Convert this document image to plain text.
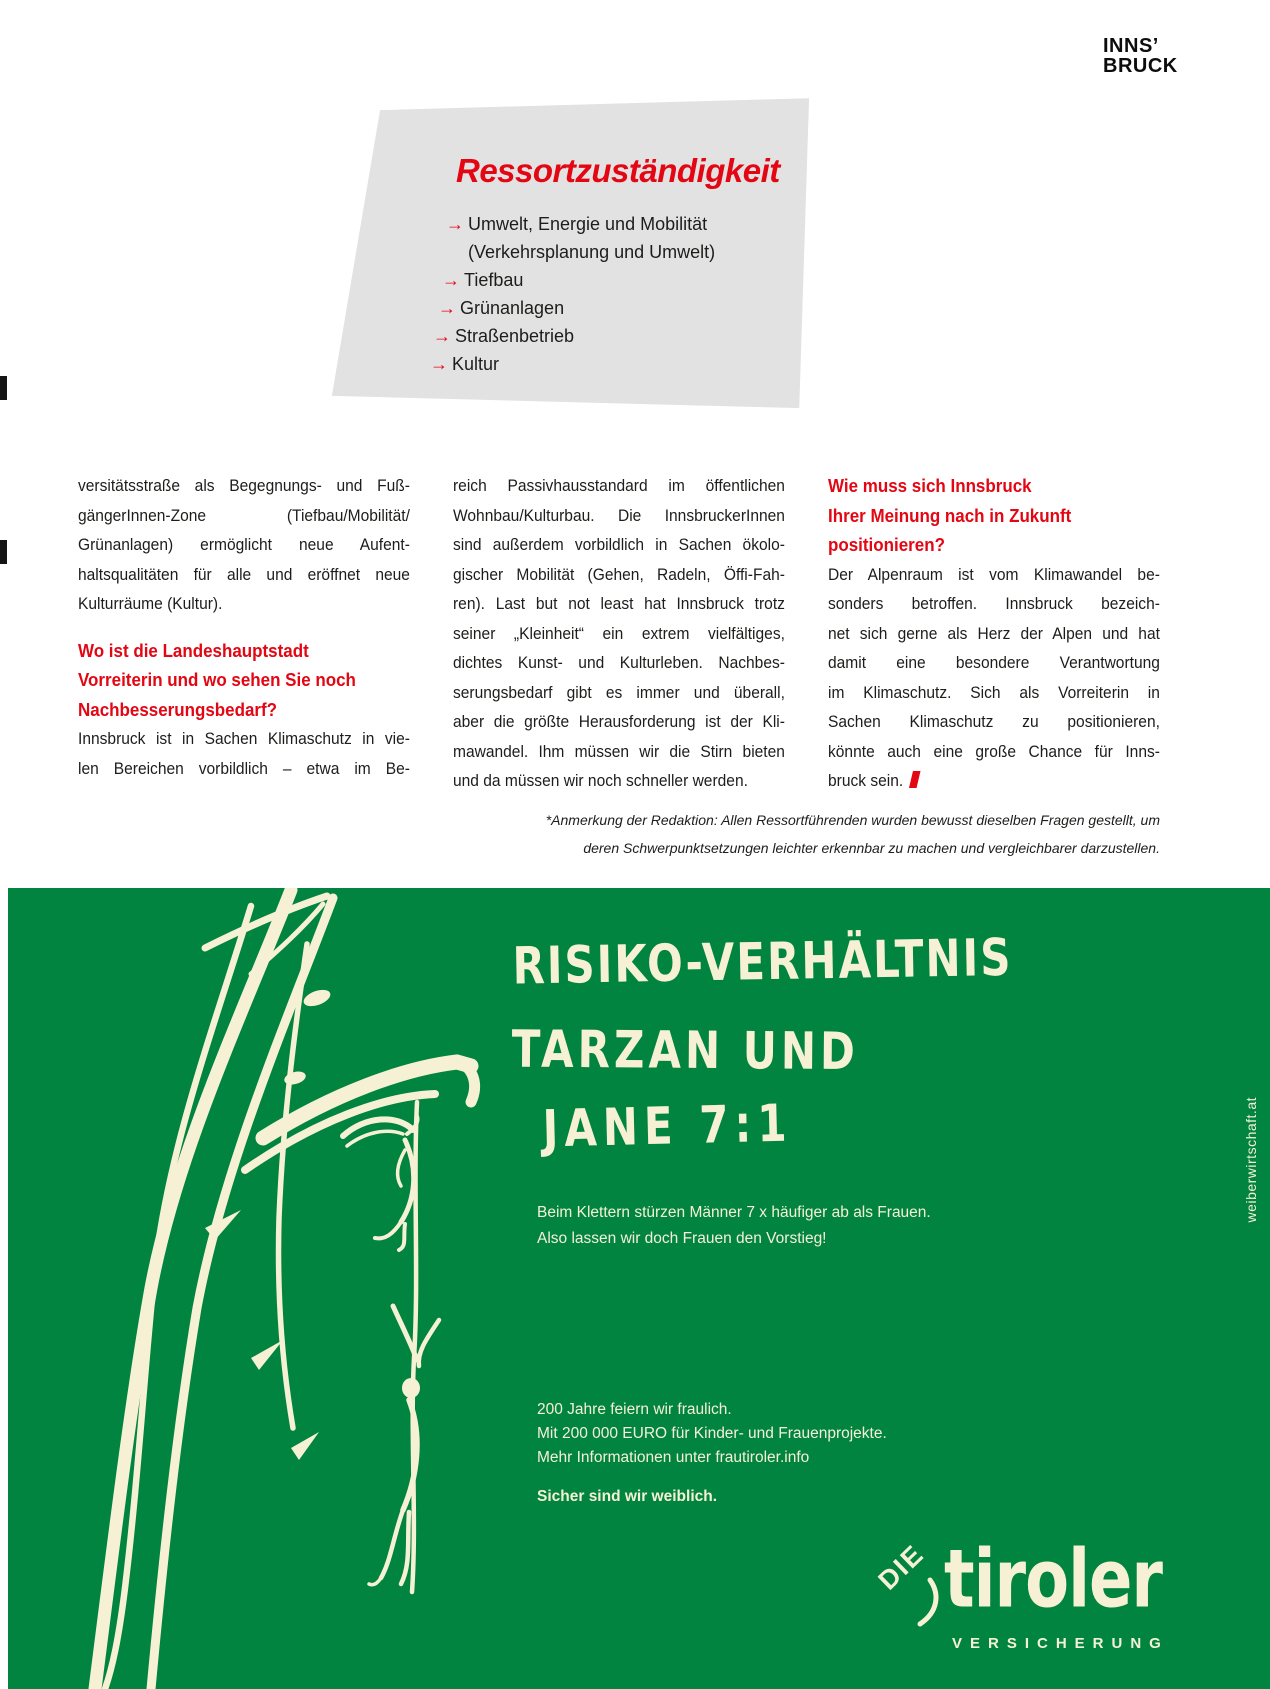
INNS’
BRUCK
Ressortzuständigkeit
→ Umwelt, Energie und Mobilität
(Verkehrsplanung und Umwelt)
→ Tiefbau
→ Grünanlagen
→ Straßenbetrieb
→ Kultur
versitätsstraße als Begegnungs- und Fuß-
gängerInnen-Zone (Tiefbau/Mobilität/
Grünanlagen) ermöglicht neue Aufent-
haltsqualitäten für alle und eröffnet neue
Kulturräume (Kultur).
Wo ist die Landeshauptstadt
Vorreiterin und wo sehen Sie noch
Nachbesserungsbedarf?
Innsbruck ist in Sachen Klimaschutz in vie-
len Bereichen vorbildlich – etwa im Be-
reich Passivhausstandard im öffentlichen
Wohnbau/Kulturbau. Die InnsbruckerInnen
sind außerdem vorbildlich in Sachen ökolo-
gischer Mobilität (Gehen, Radeln, Öffi-Fah-
ren). Last but not least hat Innsbruck trotz
seiner „Kleinheit“ ein extrem vielfältiges,
dichtes Kunst- und Kulturleben. Nachbes-
serungsbedarf gibt es immer und überall,
aber die größte Herausforderung ist der Kli-
mawandel. Ihm müssen wir die Stirn bieten
und da müssen wir noch schneller werden.
Wie muss sich Innsbruck
Ihrer Meinung nach in Zukunft
positionieren?
Der Alpenraum ist vom Klimawandel be-
sonders betroffen. Innsbruck bezeich-
net sich gerne als Herz der Alpen und hat
damit eine besondere Verantwortung
im Klimaschutz. Sich als Vorreiterin in
Sachen Klimaschutz zu positionieren,
könnte auch eine große Chance für Inns-
bruck sein.
*Anmerkung der Redaktion: Allen Ressortführenden wurden bewusst dieselben Fragen gestellt, um
deren Schwerpunktsetzungen leichter erkennbar zu machen und vergleichbarer darzustellen.
RISIKO-VERHÄLTNIS
TARZAN UND
JANE 7:1
Beim Klettern stürzen Männer 7 x häufiger ab als Frauen.
Also lassen wir doch Frauen den Vorstieg!
200 Jahre feiern wir fraulich.
Mit 200 000 EURO für Kinder- und Frauenprojekte.
Mehr Informationen unter frautiroler.info
Sicher sind wir weiblich.
weiberwirtschaft.at
DIE tiroler
VERSICHERUNG
